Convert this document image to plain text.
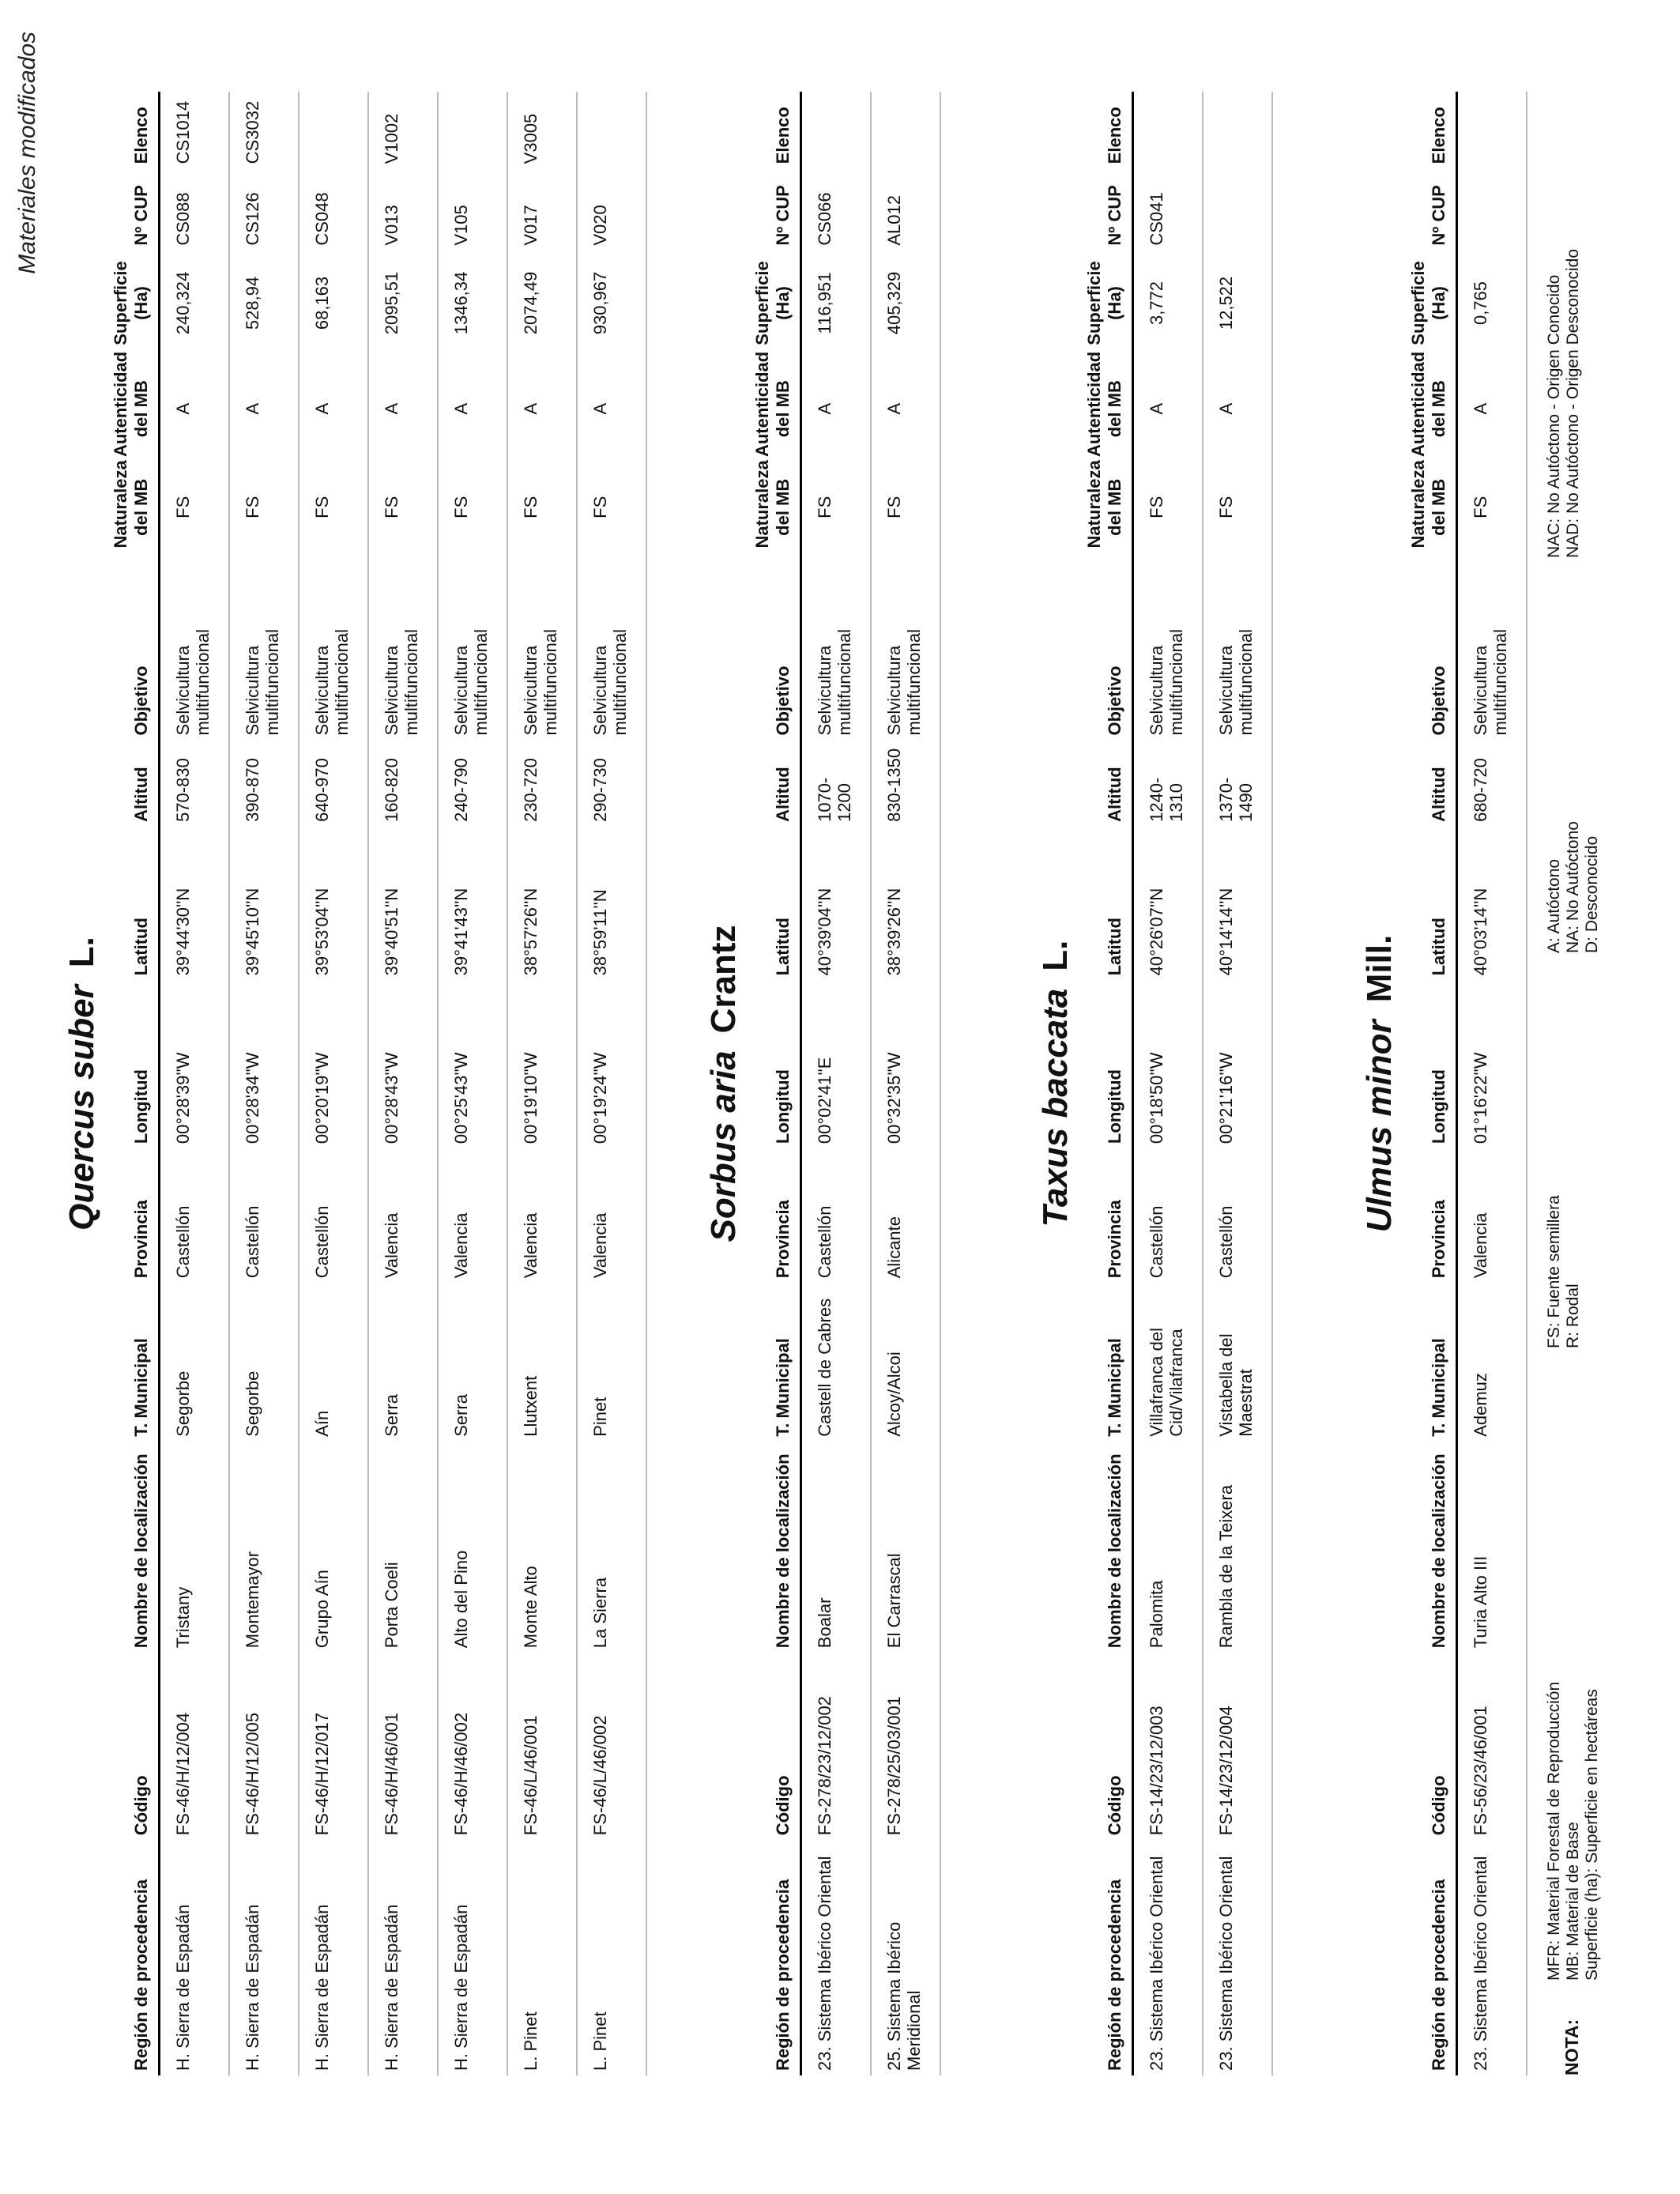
Materiales modificados
Quercus suber L.
Región de procedencia	Código	Nombre de localización	T. Municipal	Provincia	Longitud	Latitud	Altitud	Objetivo	Naturaleza del MB	Autenticidad del MB	Superficie (Ha)	Nº CUP	Elenco
H. Sierra de Espadán	FS-46/H/12/004	Tristany	Segorbe	Castellón	00°28'39''W	39°44'30''N	570-830	Selvicultura multifuncional	FS	A	240,324	CS088	CS1014
H. Sierra de Espadán	FS-46/H/12/005	Montemayor	Segorbe	Castellón	00°28'34''W	39°45'10''N	390-870	Selvicultura multifuncional	FS	A	528,94	CS126	CS3032
H. Sierra de Espadán	FS-46/H/12/017	Grupo Aín	Aín	Castellón	00°20'19''W	39°53'04''N	640-970	Selvicultura multifuncional	FS	A	68,163	CS048	
H. Sierra de Espadán	FS-46/H/46/001	Porta Coeli	Serra	Valencia	00°28'43''W	39°40'51''N	160-820	Selvicultura multifuncional	FS	A	2095,51	V013	V1002
H. Sierra de Espadán	FS-46/H/46/002	Alto del Pino	Serra	Valencia	00°25'43''W	39°41'43''N	240-790	Selvicultura multifuncional	FS	A	1346,34	V105	
L. Pinet	FS-46/L/46/001	Monte Alto	Llutxent	Valencia	00°19'10''W	38°57'26''N	230-720	Selvicultura multifuncional	FS	A	2074,49	V017	V3005
L. Pinet	FS-46/L/46/002	La Sierra	Pinet	Valencia	00°19'24''W	38°59'11''N	290-730	Selvicultura multifuncional	FS	A	930,967	V020	
Sorbus aria Crantz
Región de procedencia	Código	Nombre de localización	T. Municipal	Provincia	Longitud	Latitud	Altitud	Objetivo	Naturaleza del MB	Autenticidad del MB	Superficie (Ha)	Nº CUP	Elenco
23. Sistema Ibérico Oriental	FS-278/23/12/002	Boalar	Castell de Cabres	Castellón	00°02'41''E	40°39'04''N	1070-1200	Selvicultura multifuncional	FS	A	116,951	CS066	
25. Sistema Ibérico Meridional	FS-278/25/03/001	El Carrascal	Alcoy/Alcoi	Alicante	00°32'35''W	38°39'26''N	830-1350	Selvicultura multifuncional	FS	A	405,329	AL012	
Taxus baccata L.
Región de procedencia	Código	Nombre de localización	T. Municipal	Provincia	Longitud	Latitud	Altitud	Objetivo	Naturaleza del MB	Autenticidad del MB	Superficie (Ha)	Nº CUP	Elenco
23. Sistema Ibérico Oriental	FS-14/23/12/003	Palomita	Villafranca del Cid/Vilafranca	Castellón	00°18'50''W	40°26'07''N	1240-1310	Selvicultura multifuncional	FS	A	3,772	CS041	
23. Sistema Ibérico Oriental	FS-14/23/12/004	Rambla de la Teixera	Vistabella del Maestrat	Castellón	00°21'16''W	40°14'14''N	1370-1490	Selvicultura multifuncional	FS	A	12,522		
Ulmus minor Mill.
Región de procedencia	Código	Nombre de localización	T. Municipal	Provincia	Longitud	Latitud	Altitud	Objetivo	Naturaleza del MB	Autenticidad del MB	Superficie (Ha)	Nº CUP	Elenco
23. Sistema Ibérico Oriental	FS-56/23/46/001	Turia Alto III	Ademuz	Valencia	01°16'22''W	40°03'14''N	680-720	Selvicultura multifuncional	FS	A	0,765		
NOTA:
MFR: Material Forestal de Reproducción MB: Material de Base Superficie (ha): Superficie en hectáreas
FS: Fuente semillera R: Rodal
A: Autóctono NA: No Autóctono D: Desconocido
NAC: No Autóctono - Origen Conocido NAD: No Autóctono - Origen Desconocido
